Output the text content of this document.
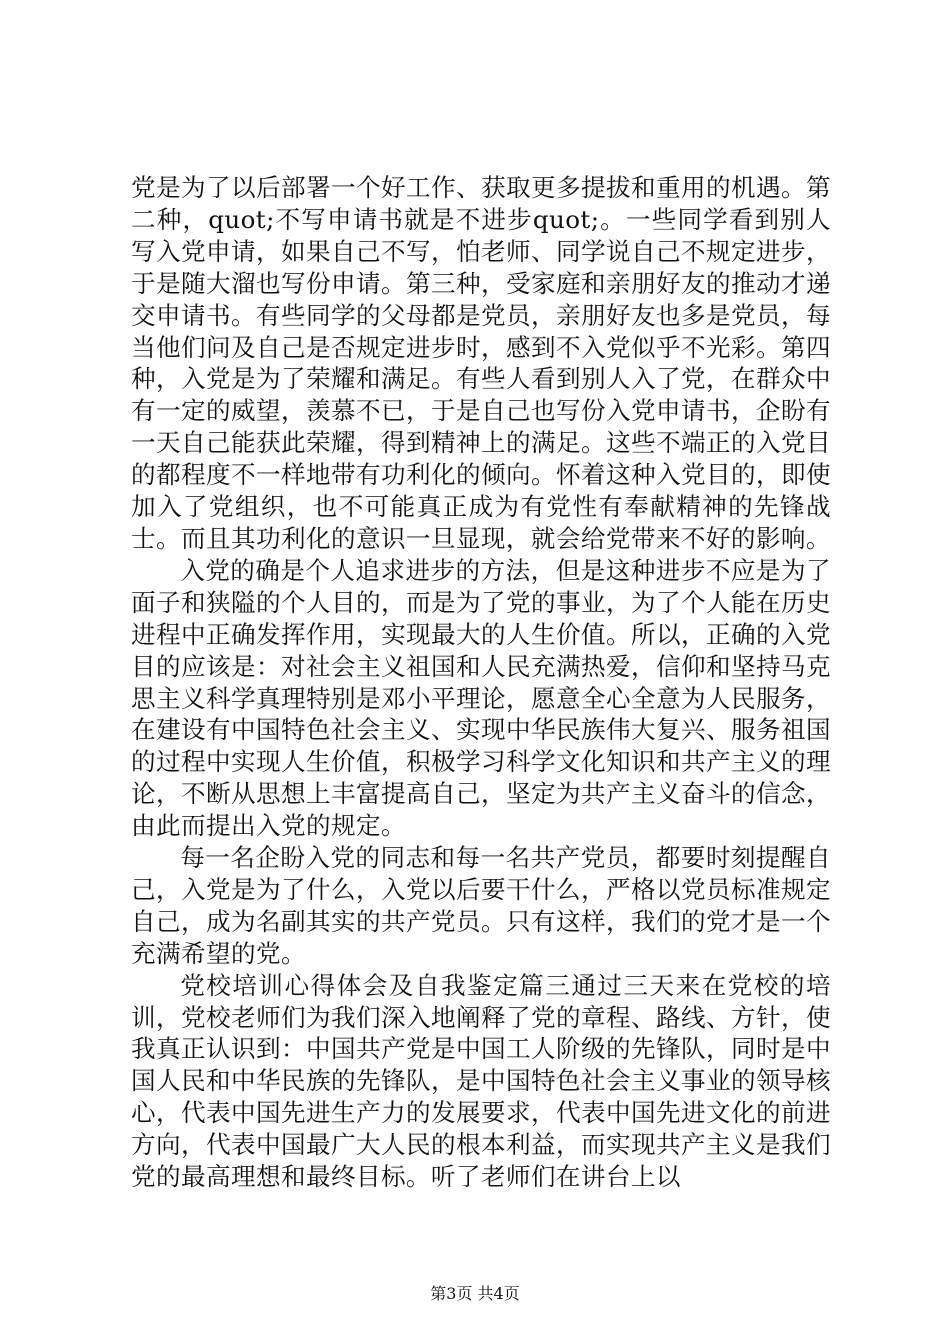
党是为了以后部署一个好工作、获取更多提拔和重用的机遇。第二种，quot;不写申请书就是不进步quot;。一些同学看到别人写入党申请，如果自己不写，怕老师、同学说自己不规定进步，于是随大溜也写份申请。第三种，受家庭和亲朋好友的推动才递交申请书。有些同学的父母都是党员，亲朋好友也多是党员，每当他们问及自己是否规定进步时，感到不入党似乎不光彩。第四种，入党是为了荣耀和满足。有些人看到别人入了党，在群众中有一定的威望，羡慕不已，于是自己也写份入党申请书，企盼有一天自己能获此荣耀，得到精神上的满足。这些不端正的入党目的都程度不一样地带有功利化的倾向。怀着这种入党目的，即使加入了党组织，也不可能真正成为有党性有奉献精神的先锋战士。而且其功利化的意识一旦显现，就会给党带来不好的影响。

入党的确是个人追求进步的方法，但是这种进步不应是为了面子和狭隘的个人目的，而是为了党的事业，为了个人能在历史进程中正确发挥作用，实现最大的人生价值。所以，正确的入党目的应该是：对社会主义祖国和人民充满热爱，信仰和坚持马克思主义科学真理特别是邓小平理论，愿意全心全意为人民服务，在建设有中国特色社会主义、实现中华民族伟大复兴、服务祖国的过程中实现人生价值，积极学习科学文化知识和共产主义的理论，不断从思想上丰富提高自己，坚定为共产主义奋斗的信念，由此而提出入党的规定。

每一名企盼入党的同志和每一名共产党员，都要时刻提醒自己，入党是为了什么，入党以后要干什么，严格以党员标准规定自己，成为名副其实的共产党员。只有这样，我们的党才是一个充满希望的党。

党校培训心得体会及自我鉴定篇三通过三天来在党校的培训，党校老师们为我们深入地阐释了党的章程、路线、方针，使我真正认识到：中国共产党是中国工人阶级的先锋队，同时是中国人民和中华民族的先锋队，是中国特色社会主义事业的领导核心，代表中国先进生产力的发展要求，代表中国先进文化的前进方向，代表中国最广大人民的根本利益，而实现共产主义是我们党的最高理想和最终目标。听了老师们在讲台上以

第3页 共4页
